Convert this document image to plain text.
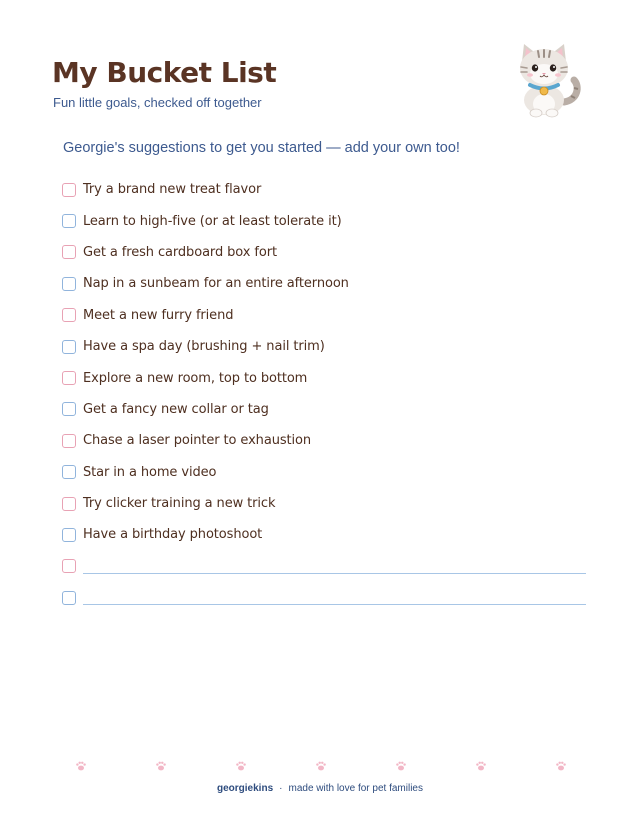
My Bucket List
Fun little goals, checked off together
Georgie's suggestions to get you started — add your own too!
Try a brand new treat flavor
Learn to high-five (or at least tolerate it)
Get a fresh cardboard box fort
Nap in a sunbeam for an entire afternoon
Meet a new furry friend
Have a spa day (brushing + nail trim)
Explore a new room, top to bottom
Get a fancy new collar or tag
Chase a laser pointer to exhaustion
Star in a home video
Try clicker training a new trick
Have a birthday photoshoot
georgiekins · made with love for pet families
